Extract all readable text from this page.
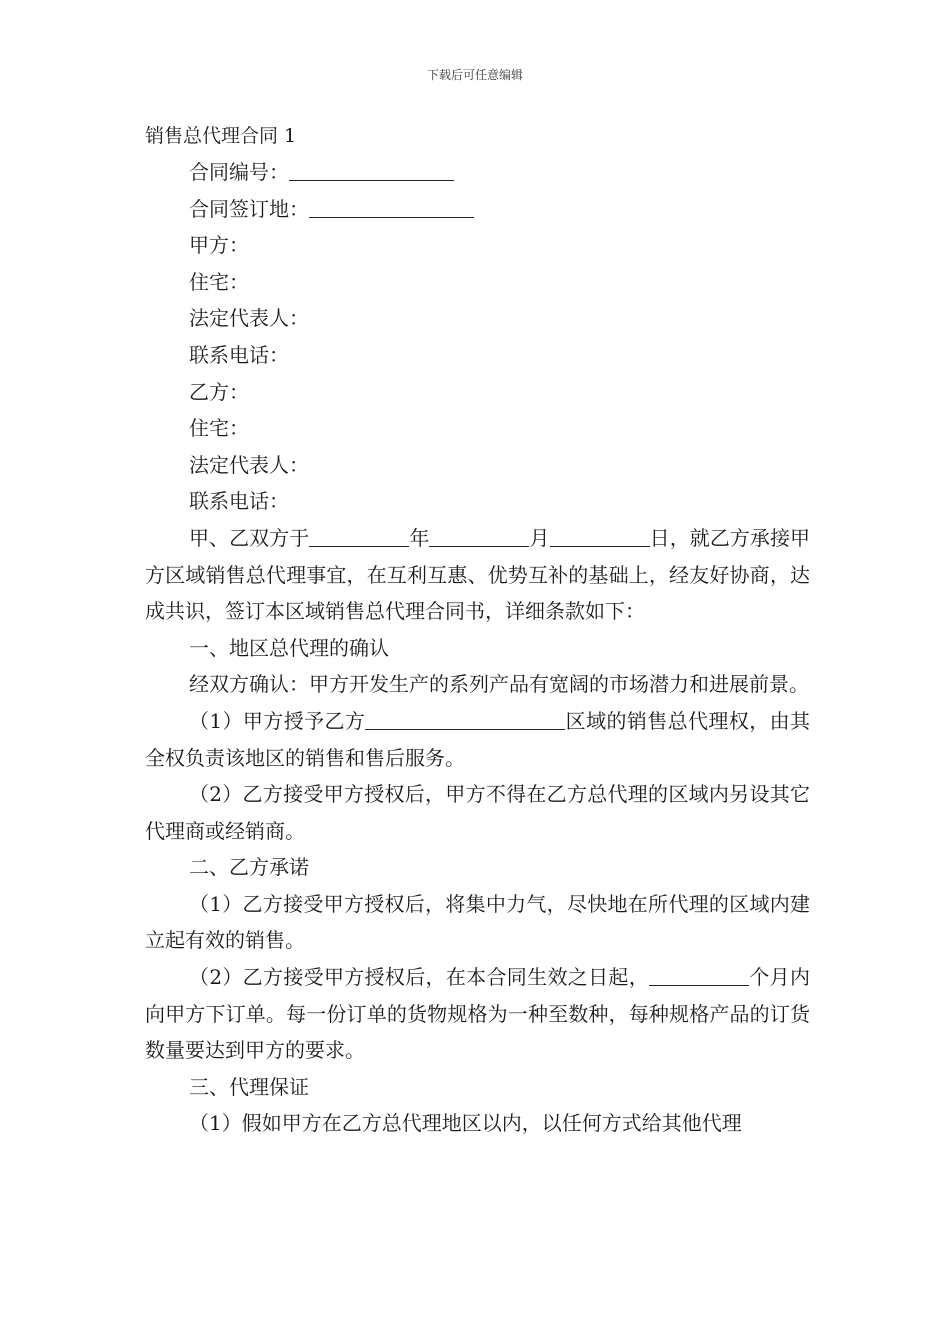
下载后可任意编辑

销售总代理合同 1

合同编号：

合同签订地：

甲方：

住宅：

法定代表人：

联系电话：

乙方：

住宅：

法定代表人：

联系电话：

甲、乙双方于	年	月	日，就乙方承接甲方区域销售总代理事宜，在互利互惠、优势互补的基础上，经友好协商，达成共识，签订本区域销售总代理合同书，详细条款如下：

一、地区总代理的确认

经双方确认：甲方开发生产的系列产品有宽阔的市场潜力和进展前景。

（1）甲方授予乙方	区域的销售总代理权，由其全权负责该地区的销售和售后服务。

（2）乙方接受甲方授权后，甲方不得在乙方总代理的区域内另设其它代理商或经销商。

二、乙方承诺

（1）乙方接受甲方授权后，将集中力气，尽快地在所代理的区域内建立起有效的销售。

（2）乙方接受甲方授权后，在本合同生效之日起，	个月内向甲方下订单。每一份订单的货物规格为一种至数种，每种规格产品的订货数量要达到甲方的要求。

三、代理保证

（1）假如甲方在乙方总代理地区以内，以任何方式给其他代理
